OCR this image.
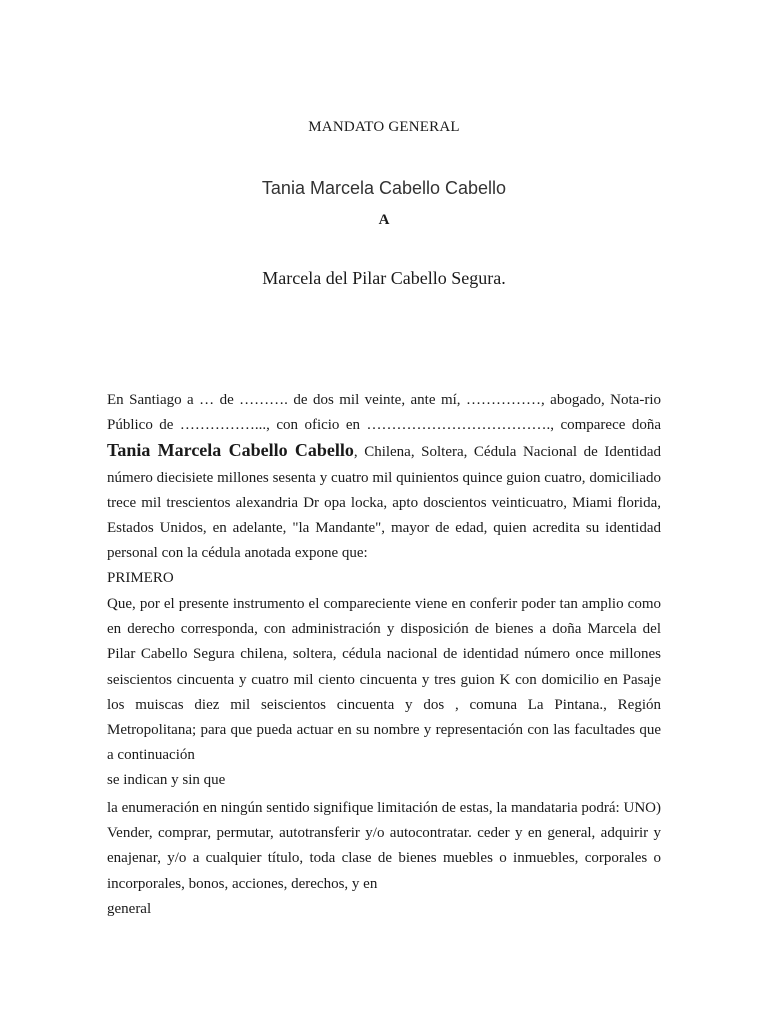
MANDATO GENERAL
Tania Marcela Cabello Cabello
A
Marcela del Pilar Cabello Segura.

En Santiago a … de ………. de dos mil veinte, ante mí, ……………, abogado, Nota-rio Público de ……………..., con oficio en ………………………………., comparece doña Tania Marcela Cabello Cabello, Chilena, Soltera, Cédula Nacional de Identidad número diecisiete millones sesenta y cuatro mil quinientos quince guion cuatro, domiciliado trece mil trescientos alexandria Dr opa locka, apto doscientos veinticuatro, Miami florida, Estados Unidos, en adelante, "la Mandante", mayor de edad, quien acredita su identidad personal con la cédula anotada expone que:

PRIMERO

Que, por el presente instrumento el compareciente viene en conferir poder tan amplio como en derecho corresponda, con administración y disposición de bienes a doña Marcela del Pilar Cabello Segura chilena, soltera, cédula nacional de identidad número once millones seiscientos cincuenta y cuatro mil ciento cincuenta y tres guion K con domicilio en Pasaje los muiscas diez mil seiscientos cincuenta y dos , comuna La Pintana., Región Metropolitana; para que pueda actuar en su nombre y representación con las facultades que a continuación

se indican y sin que

la enumeración en ningún sentido signifique limitación de estas, la mandataria podrá: UNO) Vender, comprar, permutar, autotransferir y/o autocontratar. ceder y en general, adquirir y enajenar, y/o a cualquier título, toda clase de bienes muebles o inmuebles, corporales o incorporales, bonos, acciones, derechos, y en

general
